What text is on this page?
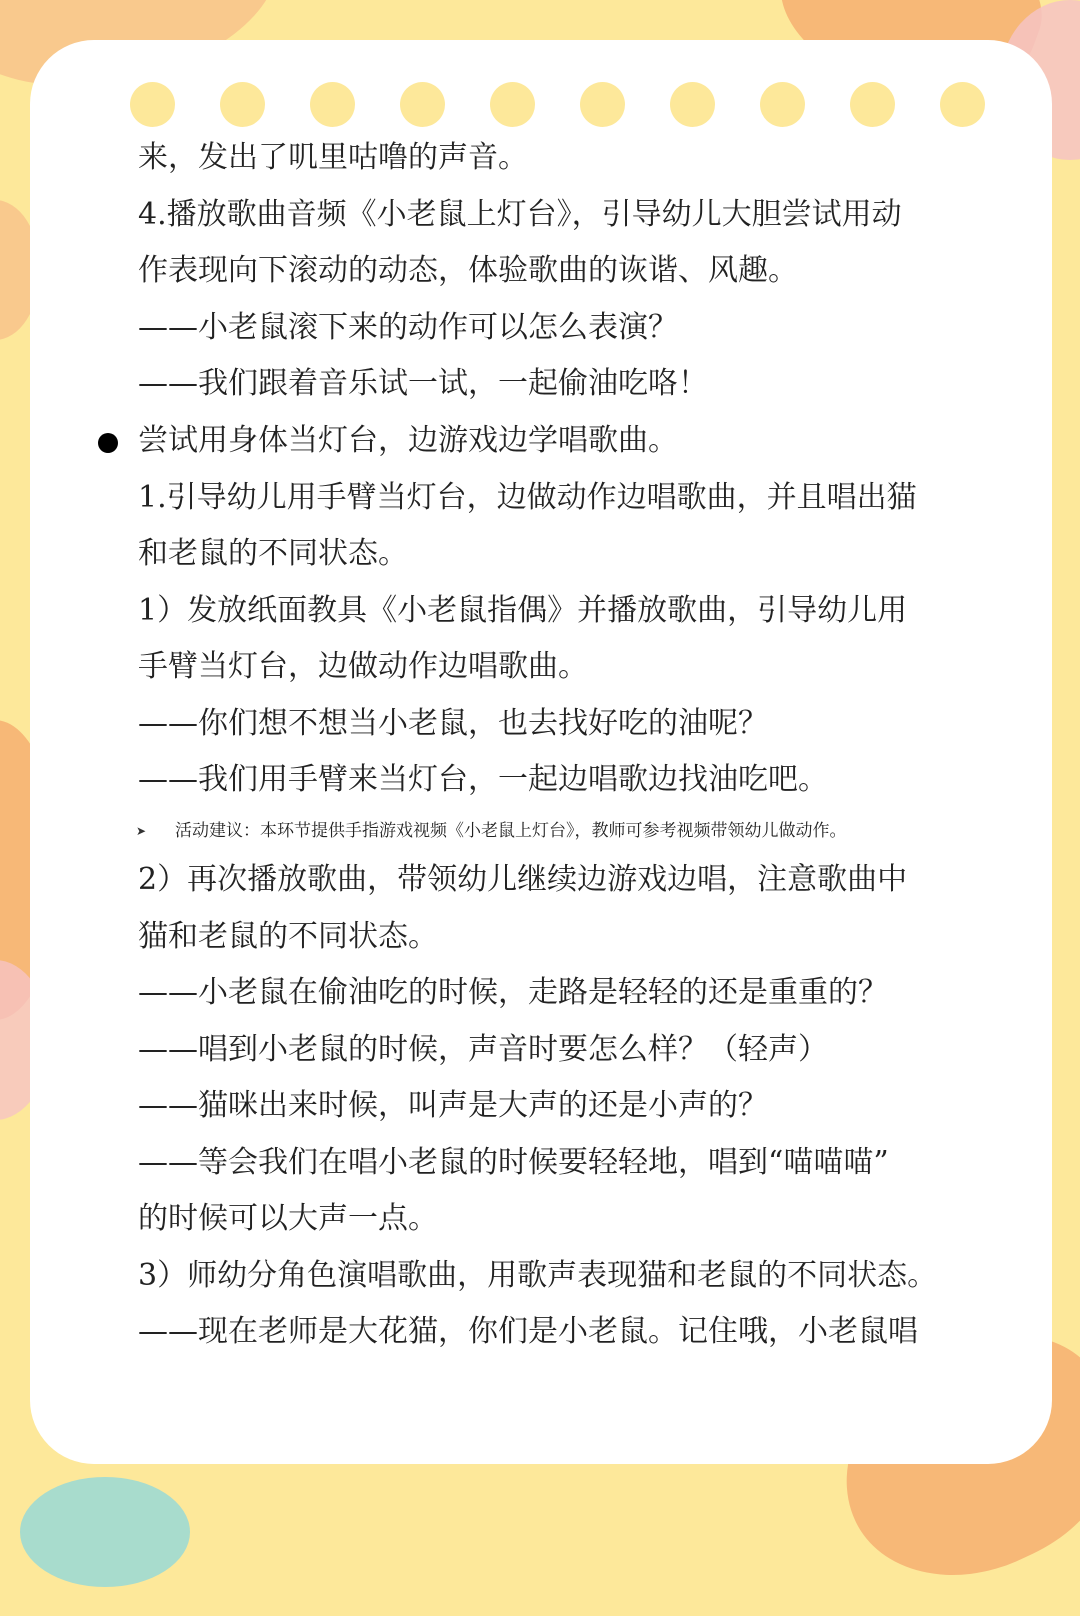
来，发出了叽里咕噜的声音。
4.播放歌曲音频《小老鼠上灯台》，引导幼儿大胆尝试用动
作表现向下滚动的动态，体验歌曲的诙谐、风趣。
——小老鼠滚下来的动作可以怎么表演？
——我们跟着音乐试一试，一起偷油吃咯！
尝试用身体当灯台，边游戏边学唱歌曲。
1.引导幼儿用手臂当灯台，边做动作边唱歌曲，并且唱出猫
和老鼠的不同状态。
1）发放纸面教具《小老鼠指偶》并播放歌曲，引导幼儿用
手臂当灯台，边做动作边唱歌曲。
——你们想不想当小老鼠，也去找好吃的油呢？
——我们用手臂来当灯台，一起边唱歌边找油吃吧。
➤ 活动建议：本环节提供手指游戏视频《小老鼠上灯台》，教师可参考视频带领幼儿做动作。
2）再次播放歌曲，带领幼儿继续边游戏边唱，注意歌曲中
猫和老鼠的不同状态。
——小老鼠在偷油吃的时候，走路是轻轻的还是重重的？
——唱到小老鼠的时候，声音时要怎么样？（轻声）
——猫咪出来时候，叫声是大声的还是小声的？
——等会我们在唱小老鼠的时候要轻轻地，唱到“喵喵喵”
的时候可以大声一点。
3）师幼分角色演唱歌曲，用歌声表现猫和老鼠的不同状态。
——现在老师是大花猫，你们是小老鼠。记住哦，小老鼠唱
